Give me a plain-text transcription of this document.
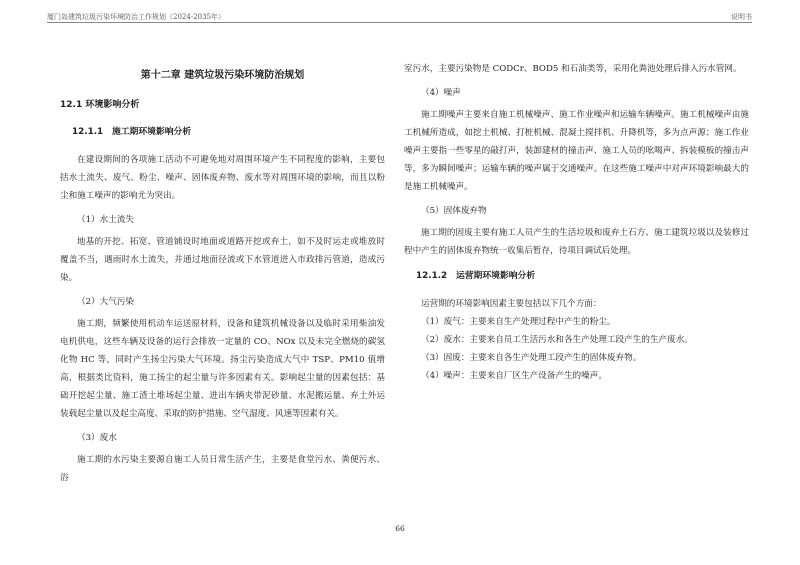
厦门岛建筑垃圾污染环境防治工作规划（2024-2035年）	说明书
第十二章 建筑垃圾污染环境防治规划
12.1 环境影响分析
12.1.1　施工期环境影响分析

在建设期间的各项施工活动不可避免地对周围环境产生不同程度的影响，主要包括水土流失、废气、粉尘、噪声、固体废弃物、废水等对周围环境的影响，而且以粉尘和施工噪声的影响尤为突出。

（1）水土流失

地基的开挖、拓宽、管道铺设时地面或道路开挖或弃土，如不及时运走或堆放时覆盖不当，遇雨时水土流失，并通过地面径流或下水管道进入市政排污管道，造成污染。

（2）大气污染

施工期，频繁使用机动车运送原材料，设备和建筑机械设备以及临时采用柴油发电机供电，这些车辆及设备的运行会排放一定量的 CO、NOx 以及未完全燃烧的碳氢化物 HC 等，同时产生扬尘污染大气环境。扬尘污染造成大气中 TSP、PM10 值增高，根据类比资料，施工扬尘的起尘量与许多因素有关。影响起尘量的因素包括：基础开挖起尘量、施工渣土堆场起尘量、进出车辆夹带泥砂量、水泥搬运量、弃土外运装载起尘量以及起尘高度、采取的防护措施、空气湿度、风速等因素有关。

（3）废水

施工期的水污染主要源自施工人员日常生活产生，主要是食堂污水、粪便污水、浴

室污水，主要污染物是 CODCr、BOD5 和石油类等，采用化粪池处理后排入污水管网。

（4）噪声

施工期噪声主要来自施工机械噪声、施工作业噪声和运输车辆噪声。施工机械噪声由施工机械所造成，如挖土机械、打桩机械、混凝土搅拌机、升降机等，多为点声源；施工作业噪声主要指一些零星的敲打声，装卸建材的撞击声、施工人员的吆喝声、拆装模板的撞击声等，多为瞬间噪声；运输车辆的噪声属于交通噪声。在这些施工噪声中对声环境影响最大的是施工机械噪声。

（5）固体废弃物

施工期的固废主要有施工人员产生的生活垃圾和废弃土石方、施工建筑垃圾以及装修过程中产生的固体废弃物统一收集后暂存，待项目调试后处理。

12.1.2　运营期环境影响分析

运营期的环境影响因素主要包括以下几个方面：

（1）废气：主要来自生产处理过程中产生的粉尘。

（2）废水：主要来自员工生活污水和各生产处理工段产生的生产废水。

（3）固废：主要来自各生产处理工段产生的固体废弃物。

（4）噪声：主要来自厂区生产设备产生的噪声。

66
